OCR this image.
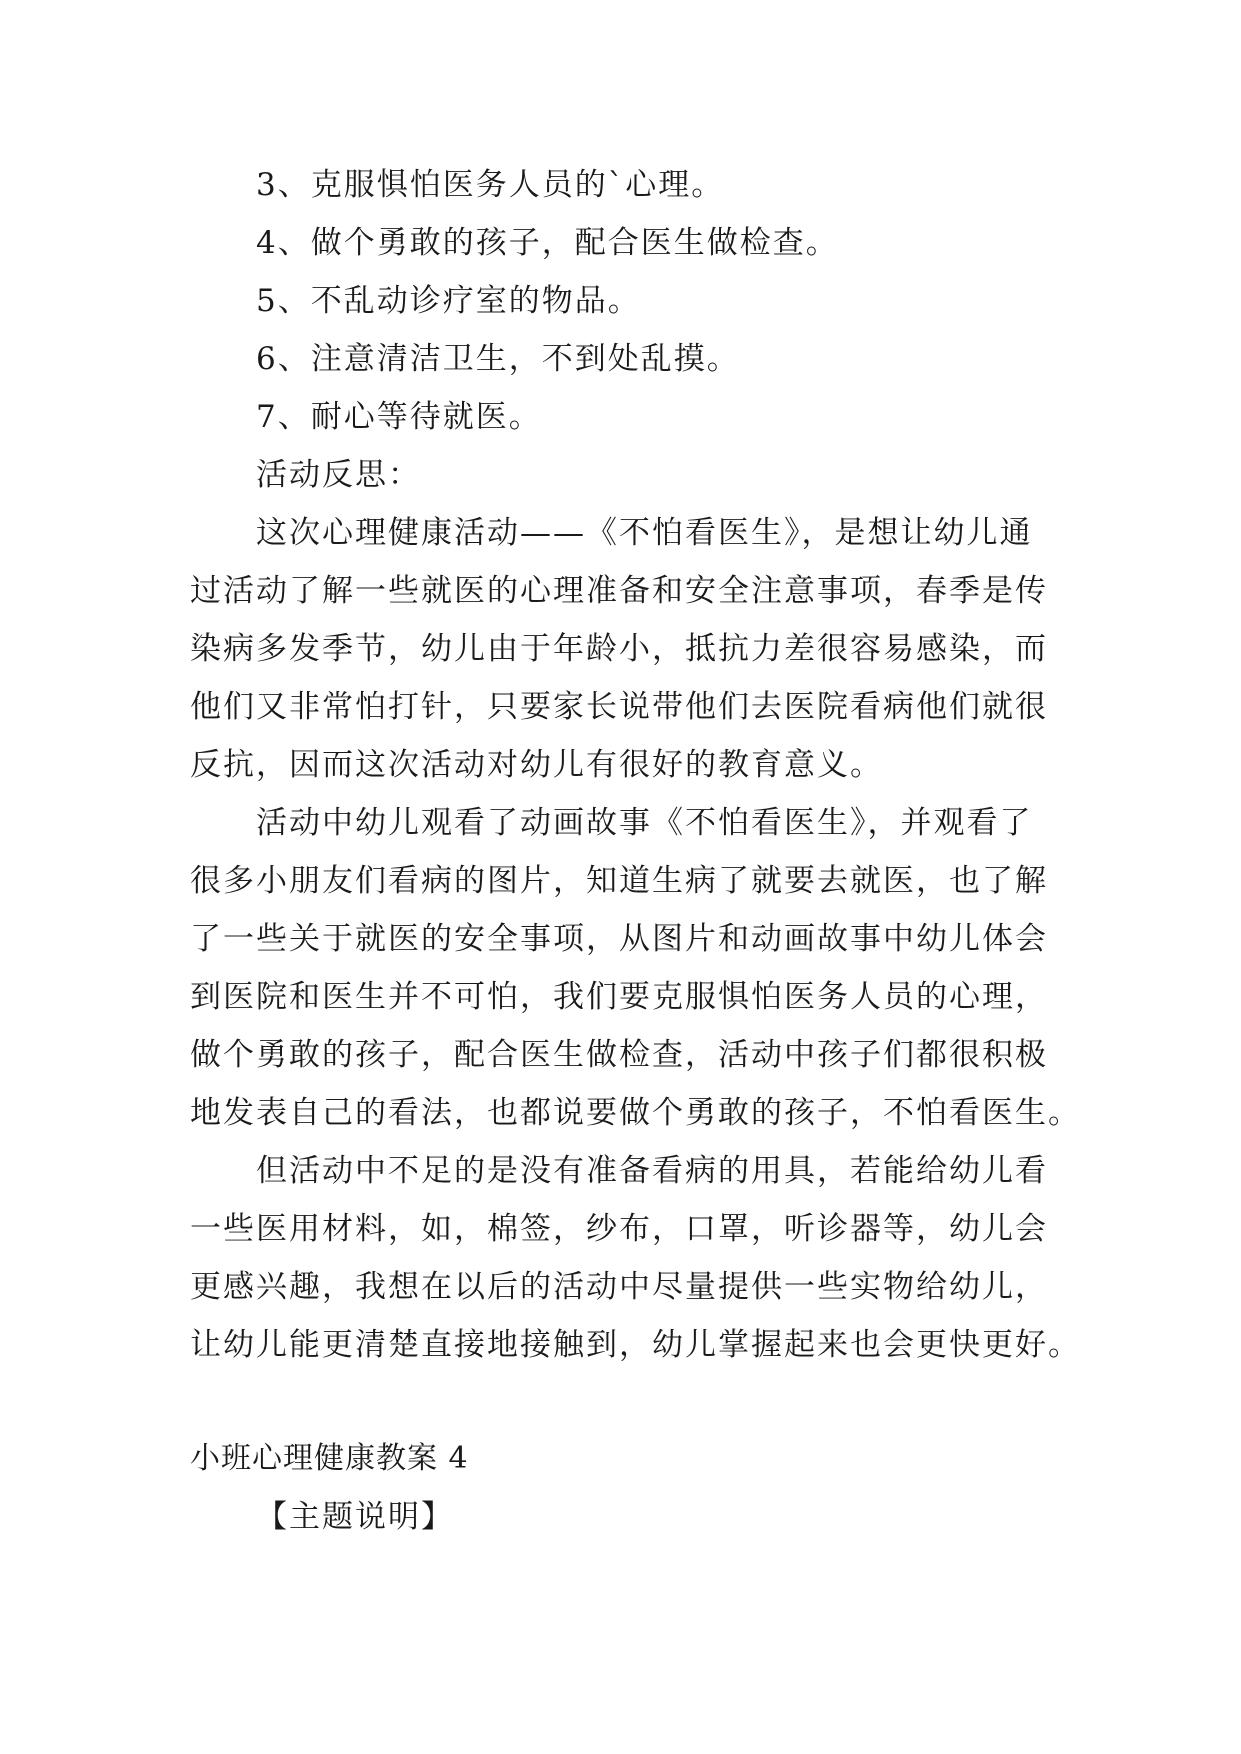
3、克服惧怕医务人员的`心理。
4、做个勇敢的孩子，配合医生做检查。
5、不乱动诊疗室的物品。
6、注意清洁卫生，不到处乱摸。
7、耐心等待就医。
活动反思：
这次心理健康活动——《不怕看医生》，是想让幼儿通
过活动了解一些就医的心理准备和安全注意事项，春季是传
染病多发季节，幼儿由于年龄小，抵抗力差很容易感染，而
他们又非常怕打针，只要家长说带他们去医院看病他们就很
反抗，因而这次活动对幼儿有很好的教育意义。
活动中幼儿观看了动画故事《不怕看医生》，并观看了
很多小朋友们看病的图片，知道生病了就要去就医，也了解
了一些关于就医的安全事项，从图片和动画故事中幼儿体会
到医院和医生并不可怕，我们要克服惧怕医务人员的心理，
做个勇敢的孩子，配合医生做检查，活动中孩子们都很积极
地发表自己的看法，也都说要做个勇敢的孩子，不怕看医生。
但活动中不足的是没有准备看病的用具，若能给幼儿看
一些医用材料，如，棉签，纱布，口罩，听诊器等，幼儿会
更感兴趣，我想在以后的活动中尽量提供一些实物给幼儿，
让幼儿能更清楚直接地接触到，幼儿掌握起来也会更快更好。
小班心理健康教案 4
【主题说明】
